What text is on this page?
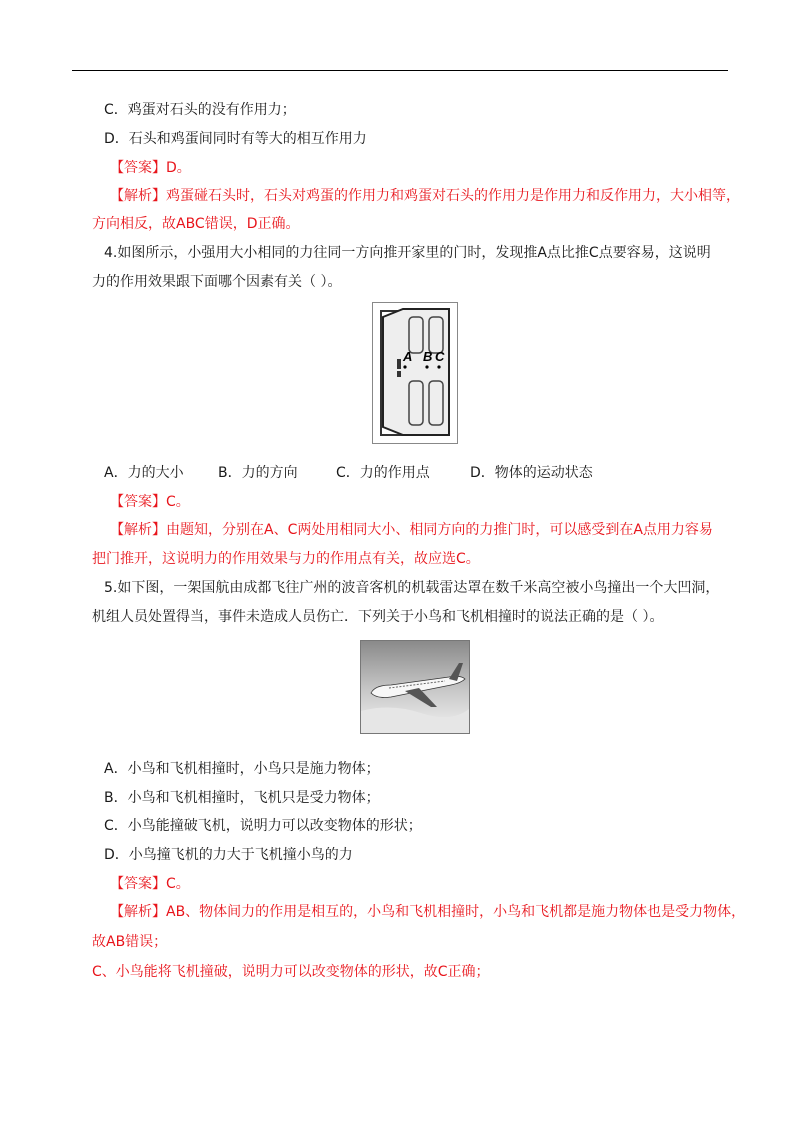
C．鸡蛋对石头的没有作用力；
D．石头和鸡蛋间同时有等大的相互作用力
【答案】D。
【解析】鸡蛋碰石头时，石头对鸡蛋的作用力和鸡蛋对石头的作用力是作用力和反作用力，大小相等，
方向相反，故ABC错误，D正确。
4.如图所示，小强用大小相同的力往同一方向推开家里的门时，发现推A点比推C点要容易，这说明
力的作用效果跟下面哪个因素有关（ ）。
A B C
A．力的大小 B．力的方向	C．力的作用点	D．物体的运动状态
【答案】C。
【解析】由题知，分别在A、C两处用相同大小、相同方向的力推门时，可以感受到在A点用力容易
把门推开，这说明力的作用效果与力的作用点有关，故应选C。
5.如下图，一架国航由成都飞往广州的波音客机的机载雷达罩在数千米高空被小鸟撞出一个大凹洞，
机组人员处置得当，事件未造成人员伤亡．下列关于小鸟和飞机相撞时的说法正确的是（ ）。
A．小鸟和飞机相撞时，小鸟只是施力物体；
B．小鸟和飞机相撞时，飞机只是受力物体；
C．小鸟能撞破飞机，说明力可以改变物体的形状；
D．小鸟撞飞机的力大于飞机撞小鸟的力
【答案】C。
【解析】AB、物体间力的作用是相互的，小鸟和飞机相撞时，小鸟和飞机都是施力物体也是受力物体，
故AB错误；
C、小鸟能将飞机撞破，说明力可以改变物体的形状，故C正确；
